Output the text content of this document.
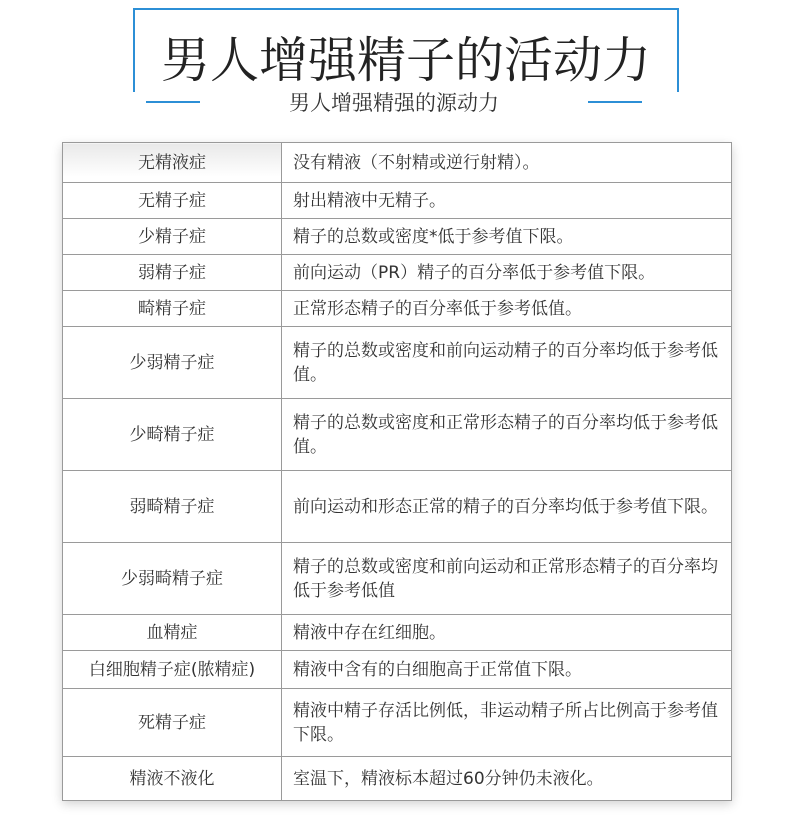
男人增强精子的活动力
男人增强精强的源动力
无精液症	没有精液（不射精或逆行射精）。
无精子症	射出精液中无精子。
少精子症	精子的总数或密度*低于参考值下限。
弱精子症	前向运动（PR）精子的百分率低于参考值下限。
畸精子症	正常形态精子的百分率低于参考低值。
少弱精子症	精子的总数或密度和前向运动精子的百分率均低于参考低值。
少畸精子症	精子的总数或密度和正常形态精子的百分率均低于参考低值。
弱畸精子症	前向运动和形态正常的精子的百分率均低于参考值下限。
少弱畸精子症	精子的总数或密度和前向运动和正常形态精子的百分率均低于参考低值
血精症	精液中存在红细胞。
白细胞精子症(脓精症)	精液中含有的白细胞高于正常值下限。
死精子症	精液中精子存活比例低，非运动精子所占比例高于参考值下限。
精液不液化	室温下，精液标本超过60分钟仍未液化。
